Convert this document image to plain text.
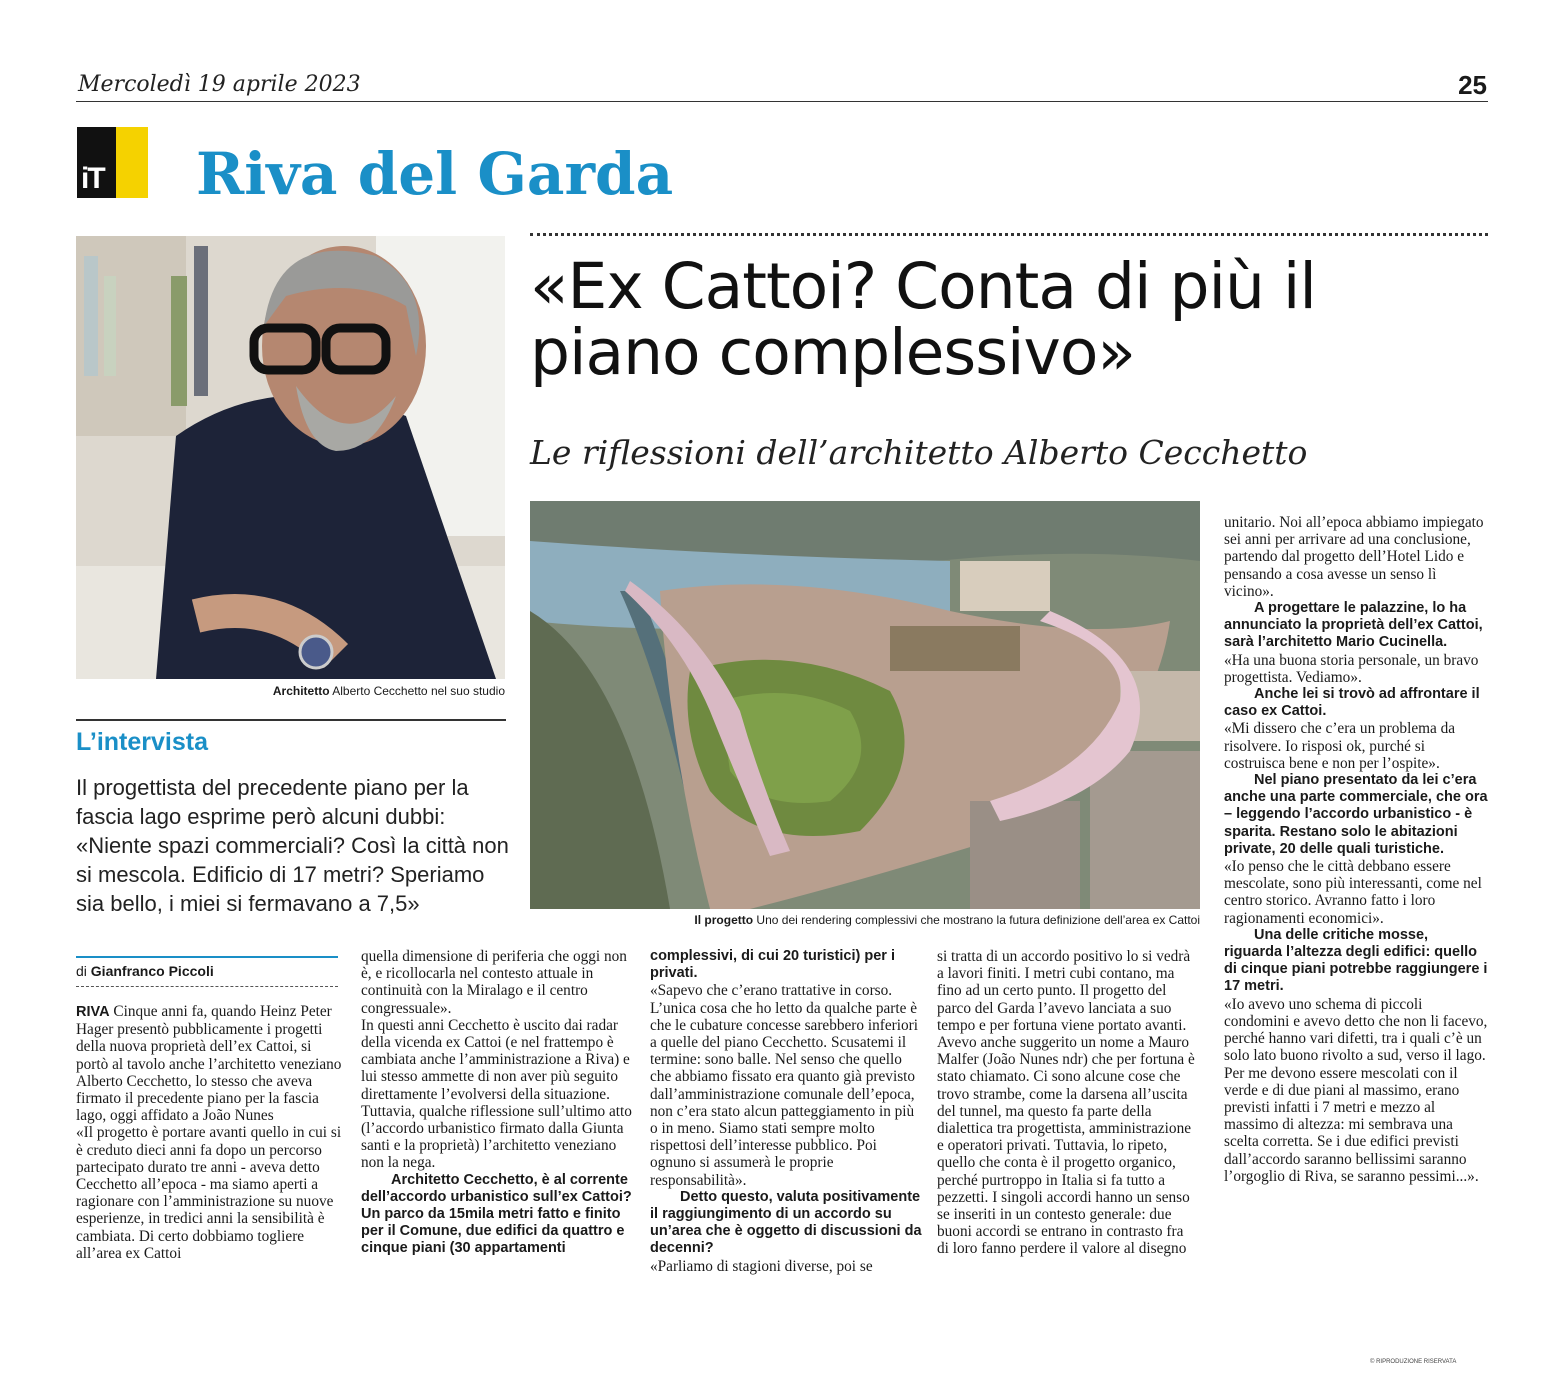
Mercoledì 19 aprile 2023	25
iT Riva del Garda
Architetto Alberto Cecchetto nel suo studio
L’intervista
Il progettista del precedente piano per la fascia lago esprime però alcuni dubbi: «Niente spazi commerciali? Così la città non si mescola. Edificio di 17 metri? Speriamo sia bello, i miei si fermavano a 7,5»
«Ex Cattoi? Conta di più il piano complessivo»
Le riflessioni dell’architetto Alberto Cecchetto
Il progetto Uno dei rendering complessivi che mostrano la futura definizione dell’area ex Cattoi
di Gianfranco Piccoli

RIVA Cinque anni fa, quando Heinz Peter Hager presentò pubblicamente i progetti della nuova proprietà dell’ex Cattoi, si portò al tavolo anche l’architetto veneziano Alberto Cecchetto, lo stesso che aveva firmato il precedente piano per la fascia lago, oggi affidato a João Nunes

«Il progetto è portare avanti quello in cui si è creduto dieci anni fa dopo un percorso partecipato durato tre anni - aveva detto Cecchetto all’epoca - ma siamo aperti a ragionare con l’amministrazione su nuove esperienze, in tredici anni la sensibilità è cambiata. Di certo dobbiamo togliere all’area ex Cattoi

quella dimensione di periferia che oggi non è, e ricollocarla nel contesto attuale in continuità con la Miralago e il centro congressuale».

In questi anni Cecchetto è uscito dai radar della vicenda ex Cattoi (e nel frattempo è cambiata anche l’amministrazione a Riva) e lui stesso ammette di non aver più seguito direttamente l’evolversi della situazione. Tuttavia, qualche riflessione sull’ultimo atto (l’accordo urbanistico firmato dalla Giunta santi e la proprietà) l’architetto veneziano non la nega.

Architetto Cecchetto, è al corrente dell’accordo urbanistico sull’ex Cattoi? Un parco da 15mila metri fatto e finito per il Comune, due edifici da quattro e cinque piani (30 appartamenti

complessivi, di cui 20 turistici) per i privati.

«Sapevo che c’erano trattative in corso. L’unica cosa che ho letto da qualche parte è che le cubature concesse sarebbero inferiori a quelle del piano Cecchetto. Scusatemi il termine: sono balle. Nel senso che quello che abbiamo fissato era quanto già previsto dall’amministrazione comunale dell’epoca, non c’era stato alcun patteggiamento in più o in meno. Siamo stati sempre molto rispettosi dell’interesse pubblico. Poi ognuno si assumerà le proprie responsabilità».

Detto questo, valuta positivamente il raggiungimento di un accordo su un’area che è oggetto di discussioni da decenni?

«Parliamo di stagioni diverse, poi se

si tratta di un accordo positivo lo si vedrà a lavori finiti. I metri cubi contano, ma fino ad un certo punto. Il progetto del parco del Garda l’avevo lanciata a suo tempo e per fortuna viene portato avanti. Avevo anche suggerito un nome a Mauro Malfer (João Nunes ndr) che per fortuna è stato chiamato. Ci sono alcune cose che trovo strambe, come la darsena all’uscita del tunnel, ma questo fa parte della dialettica tra progettista, amministrazione e operatori privati. Tuttavia, lo ripeto, quello che conta è il progetto organico, perché purtroppo in Italia si fa tutto a pezzetti. I singoli accordi hanno un senso se inseriti in un contesto generale: due buoni accordi se entrano in contrasto fra di loro fanno perdere il valore al disegno

unitario. Noi all’epoca abbiamo impiegato sei anni per arrivare ad una conclusione, partendo dal progetto dell’Hotel Lido e pensando a cosa avesse un senso lì vicino».

A progettare le palazzine, lo ha annunciato la proprietà dell’ex Cattoi, sarà l’architetto Mario Cucinella.

«Ha una buona storia personale, un bravo progettista. Vediamo».

Anche lei si trovò ad affrontare il caso ex Cattoi.

«Mi dissero che c’era un problema da risolvere. Io risposi ok, purché si costruisca bene e non per l’ospite».

Nel piano presentato da lei c’era anche una parte commerciale, che ora – leggendo l’accordo urbanistico - è sparita. Restano solo le abitazioni private, 20 delle quali turistiche.

«Io penso che le città debbano essere mescolate, sono più interessanti, come nel centro storico. Avranno fatto i loro ragionamenti economici».

Una delle critiche mosse, riguarda l’altezza degli edifici: quello di cinque piani potrebbe raggiungere i 17 metri.

«Io avevo uno schema di piccoli condomini e avevo detto che non li facevo, perché hanno vari difetti, tra i quali c’è un solo lato buono rivolto a sud, verso il lago. Per me devono essere mescolati con il verde e di due piani al massimo, erano previsti infatti i 7 metri e mezzo al massimo di altezza: mi sembrava una scelta corretta. Se i due edifici previsti dall’accordo saranno bellissimi saranno l’orgoglio di Riva, se saranno pessimi...».

© RIPRODUZIONE RISERVATA
